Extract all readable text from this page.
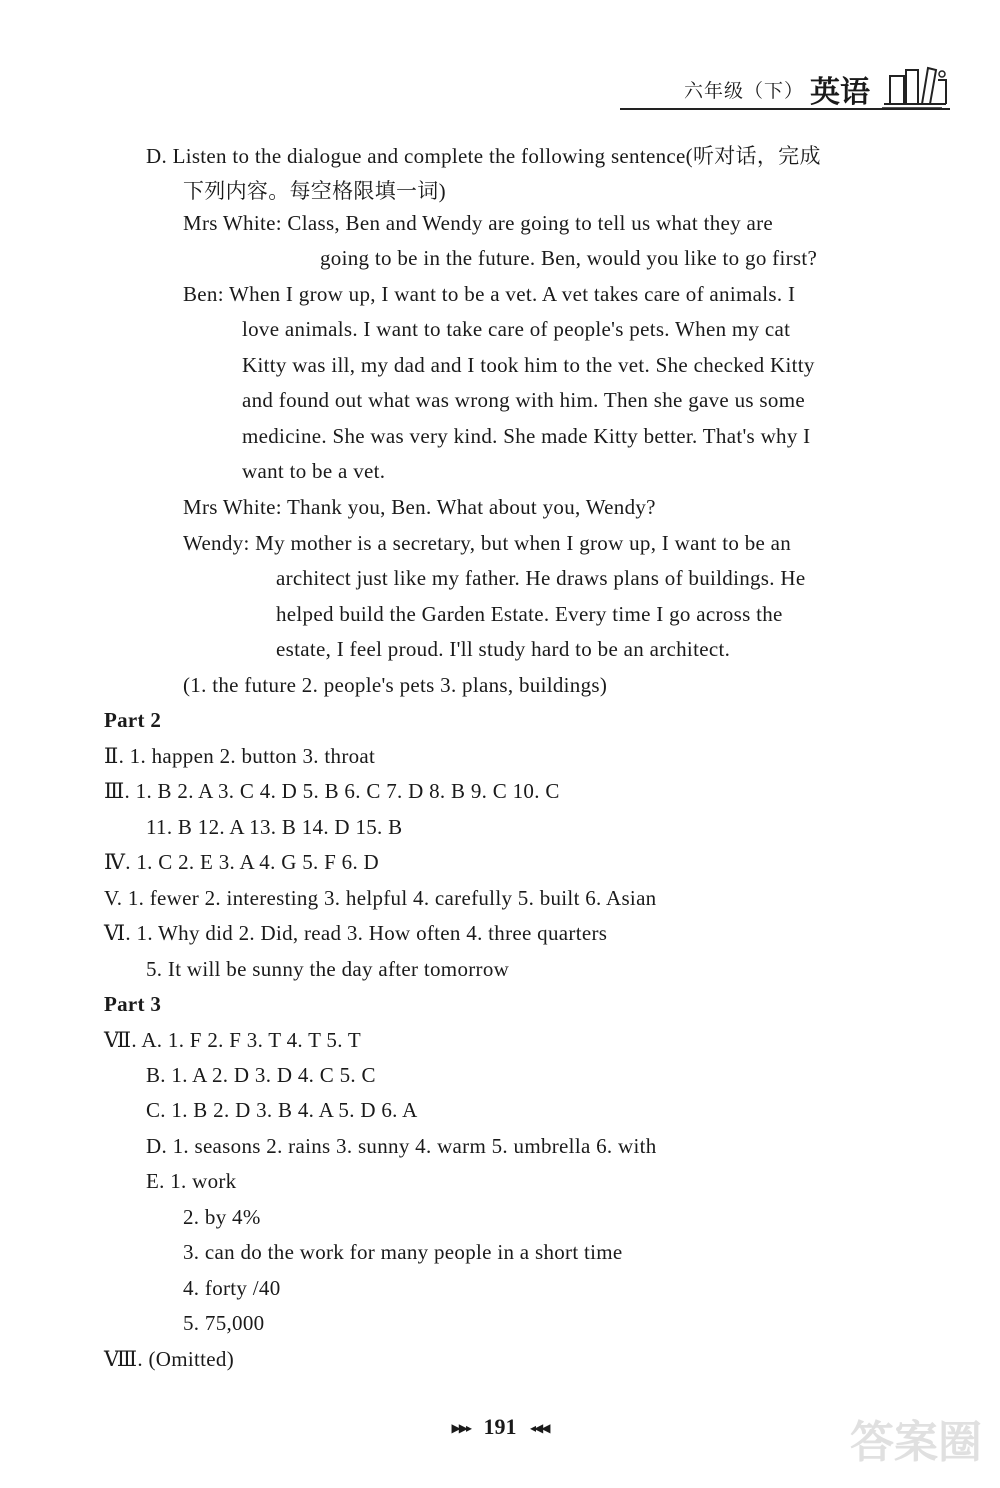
六年级（下） 英语
D. Listen to the dialogue and complete the following sentence(听对话，完成
下列内容。每空格限填一词)
Mrs White: Class, Ben and Wendy are going to tell us what they are
going to be in the future. Ben, would you like to go first?
Ben: When I grow up, I want to be a vet. A vet takes care of animals. I
love animals. I want to take care of people's pets. When my cat
Kitty was ill, my dad and I took him to the vet. She checked Kitty
and found out what was wrong with him. Then she gave us some
medicine. She was very kind. She made Kitty better. That's why I
want to be a vet.
Mrs White: Thank you, Ben. What about you, Wendy?
Wendy: My mother is a secretary, but when I grow up, I want to be an
architect just like my father. He draws plans of buildings. He
helped build the Garden Estate. Every time I go across the
estate, I feel proud. I'll study hard to be an architect.
(1. the future 2. people's pets 3. plans, buildings)
Part 2
Ⅱ. 1. happen 2. button 3. throat
Ⅲ. 1. B 2. A 3. C 4. D 5. B 6. C 7. D 8. B 9. C 10. C
11. B 12. A 13. B 14. D 15. B
Ⅳ. 1. C 2. E 3. A 4. G 5. F 6. D
V. 1. fewer 2. interesting 3. helpful 4. carefully 5. built 6. Asian
Ⅵ. 1. Why did 2. Did, read 3. How often 4. three quarters
5. It will be sunny the day after tomorrow
Part 3
Ⅶ. A. 1. F 2. F 3. T 4. T 5. T
B. 1. A 2. D 3. D 4. C 5. C
C. 1. B 2. D 3. B 4. A 5. D 6. A
D. 1. seasons 2. rains 3. sunny 4. warm 5. umbrella 6. with
E. 1. work
2. by 4%
3. can do the work for many people in a short time
4. forty /40
5. 75,000
Ⅷ. (Omitted)
▶▶▸ 191 ◂◀◀	答案圈
